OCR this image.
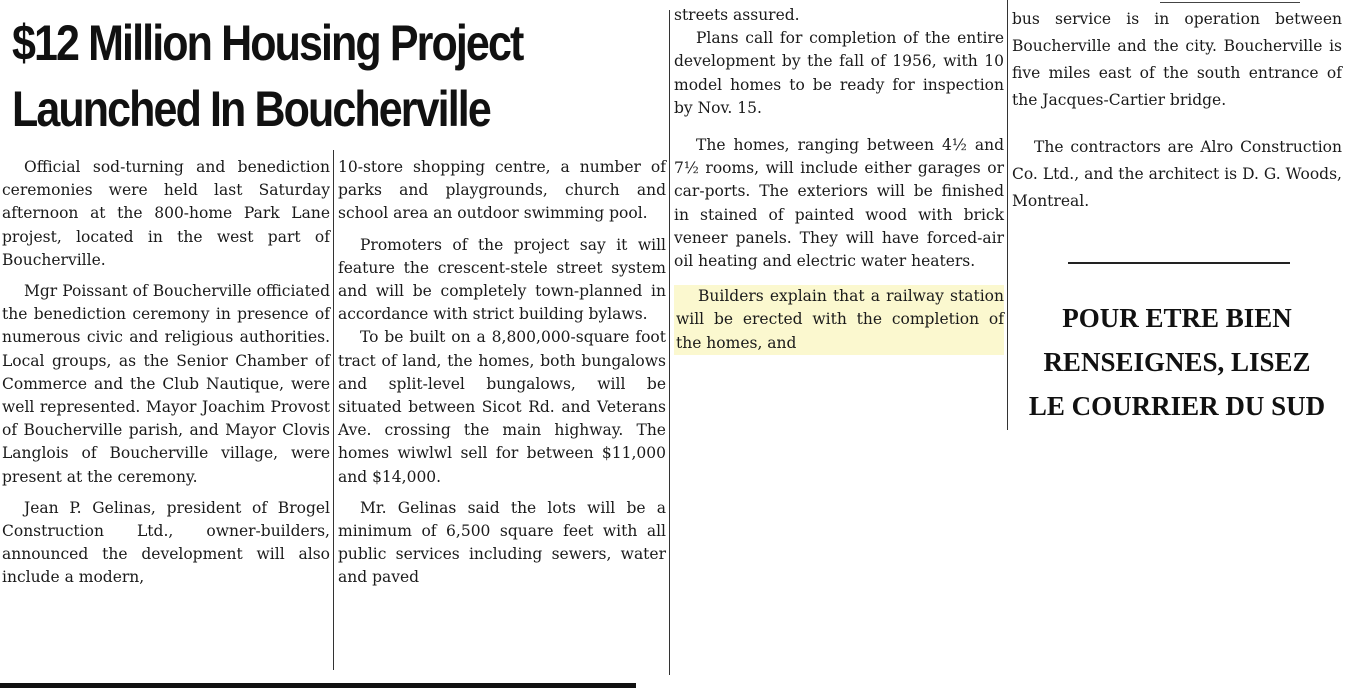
$12 Million Housing Project
Launched In Boucherville

Official sod-turning and benediction ceremonies were held last Saturday afternoon at the 800-home Park Lane projest, located in the west part of Boucherville.

Mgr Poissant of Boucherville officiated the benediction ceremony in presence of numerous civic and religious authorities. Local groups, as the Senior Chamber of Commerce and the Club Nautique, were well represented. Mayor Joachim Provost of Boucherville parish, and Mayor Clovis Langlois of Boucherville village, were present at the ceremony.

Jean P. Gelinas, president of Brogel Construction Ltd., owner-builders, announced the development will also include a modern,

10-store shopping centre, a number of parks and playgrounds, church and school area an outdoor swimming pool.

Promoters of the project say it will feature the crescent-stele street system and will be completely town-planned in accordance with strict building bylaws.

To be built on a 8,800,000-square foot tract of land, the homes, both bungalows and split-level bungalows, will be situated between Sicot Rd. and Veterans Ave. crossing the main highway. The homes wiwlwl sell for between $11,000 and $14,000.

Mr. Gelinas said the lots will be a minimum of 6,500 square feet with all public services including sewers, water and paved

streets assured.

Plans call for completion of the entire development by the fall of 1956, with 10 model homes to be ready for inspection by Nov. 15.

The homes, ranging between 4½ and 7½ rooms, will include either garages or car-ports. The exteriors will be finished in stained of painted wood with brick veneer panels. They will have forced-air oil heating and electric water heaters.

Builders explain that a railway station will be erected with the completion of the homes, and

bus service is in operation between Boucherville and the city. Boucherville is five miles east of the south entrance of the Jacques-Cartier bridge.

The contractors are Alro Construction Co. Ltd., and the architect is D. G. Woods, Montreal.

POUR ETRE BIEN
RENSEIGNES, LISEZ
LE COURRIER DU SUD
